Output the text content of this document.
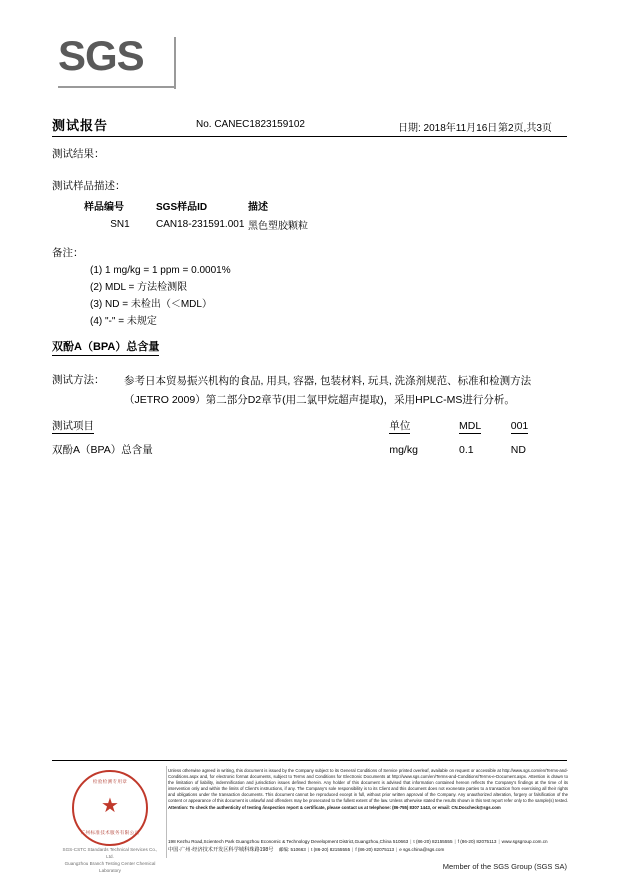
SGS
测试报告	No. CANEC1823159102	日期: 2018年11月16日 第2页,共3页
测试结果：
测试样品描述：
样品编号	SGS样品ID	描述
SN1	CAN18-231591.001	黑色塑胶颗粒
备注：
(1) 1 mg/kg = 1 ppm = 0.0001%
(2) MDL = 方法检测限
(3) ND = 未检出（＜MDL）
(4) "-" = 未规定
双酚A（BPA）总含量
测试方法： 参考日本贸易振兴机构的食品, 用具, 容器, 包装材料, 玩具, 洗涤剂规范、标准和检测方法（JETRO 2009）第二部分D2章节(用二氯甲烷超声提取)，采用HPLC-MS进行分析。
测试项目	单位	MDL	001
双酚A（BPA）总含量	mg/kg	0.1	ND
检验检测专用章
★
广州标准技术服务有限公司
SGS-CSTC Standards Technical Services Co., Ltd.
Guangzhou Branch Testing Center Chemical Laboratory
Unless otherwise agreed in writing, this document is issued by the Company subject to its General Conditions of Service printed overleaf, available on request or accessible at http://www.sgs.com/en/Terms-and-Conditions.aspx and, for electronic format documents, subject to Terms and Conditions for Electronic Documents at http://www.sgs.com/en/Terms-and-Conditions/Terms-e-Document.aspx. Attention is drawn to the limitation of liability, indemnification and jurisdiction issues defined therein. Any holder of this document is advised that information contained hereon reflects the Company's findings at the time of its intervention only and within the limits of Client's instructions, if any. The Company's sole responsibility is to its Client and this document does not exonerate parties to a transaction from exercising all their rights and obligations under the transaction documents. This document cannot be reproduced except in full, without prior written approval of the Company. Any unauthorized alteration, forgery or falsification of the content or appearance of this document is unlawful and offenders may be prosecuted to the fullest extent of the law. Unless otherwise stated the results shown in this test report refer only to the sample(s) tested. Attention: To check the authenticity of testing /inspection report & certificate, please contact us at telephone: (86-755) 8307 1443, or email: CN.Doccheck@sgs.com
198 Kezhu Road,Scientech Park Guangzhou Economic & Technology Development District,Guangzhou,China 510663 | t (86-20) 82155555 | f (86-20) 82075113 | www.sgsgroup.com.cn
中国·广州·经济技术开发区科学城科珠路198号 邮编: 510663 | t (86-20) 82155555 | f (86-20) 82075113 | e sgs.china@sgs.com
Member of the SGS Group (SGS SA)
